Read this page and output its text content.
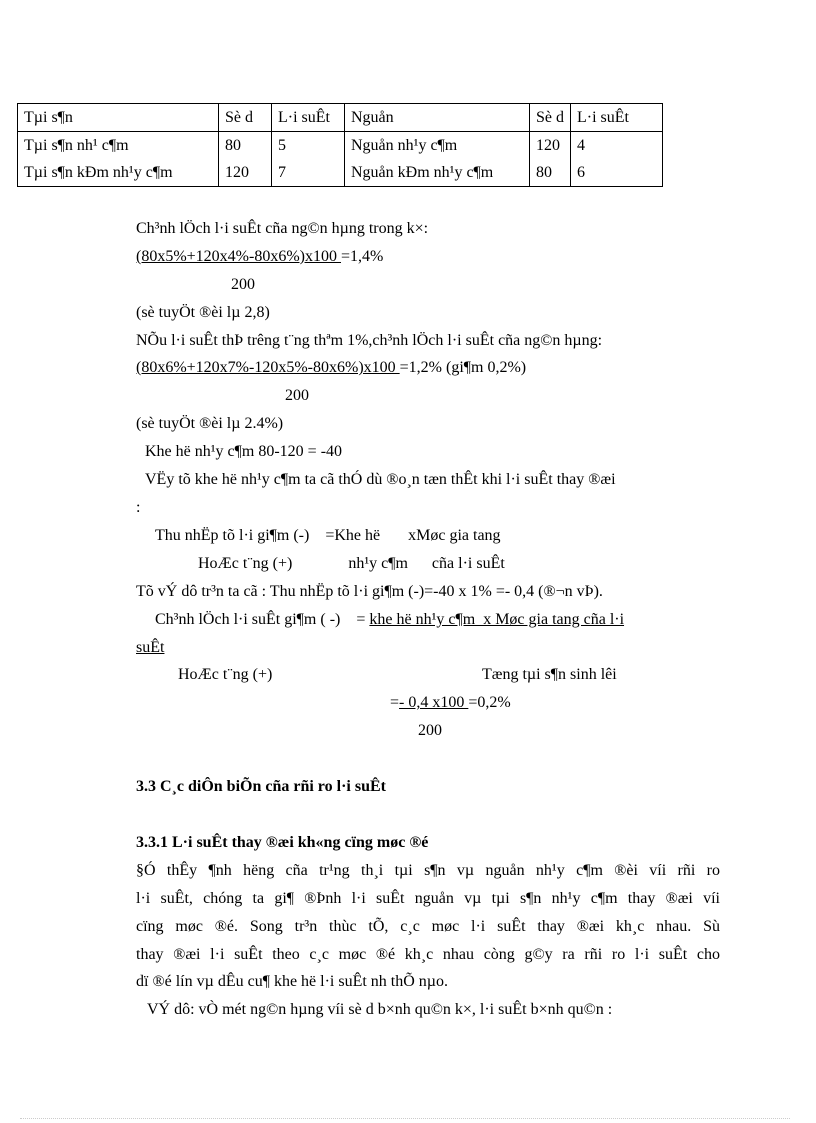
Tµi s¶n	Sè d	L·i suÊt	Nguån	Sè d	L·i suÊt
Tµi s¶n nh¹ c¶m	80	5	Nguån nh¹y c¶m	120	4
Tµi s¶n kÐm nh¹y c¶m	120	7	Nguån kÐm nh¹y c¶m	80	6
Ch³nh lÖch l·i suÊt cña ng©n hµng trong k×:
(80x5%+120x4%-80x6%)x100 =1,4%
200
(sè tuyÖt ®èi lµ 2,8)
NÕu l·i suÊt thÞ trêng t¨ng thªm 1%,ch³nh lÖch l·i suÊt cña ng©n hµng:
(80x6%+120x7%-120x5%-80x6%)x100 =1,2% (gi¶m 0,2%)
200
(sè tuyÖt ®èi lµ 2.4%)
Khe hë nh¹y c¶m 80-120 = -40
VËy tõ khe hë nh¹y c¶m ta cã thÓ dù ®o¸n tæn thÊt khi l·i suÊt thay ®æi
:
Thu nhËp tõ l·i gi¶m (-)    =Khe hë       xMøc gia tang
HoÆc t¨ng (+)              nh¹y c¶m      cña l·i suÊt
Tõ vÝ dô tr³n ta cã : Thu nhËp tõ l·i gi¶m (-)=-40 x 1% =- 0,4 (®¬n vÞ).
Ch³nh lÖch l·i suÊt gi¶m ( -)    = khe hë nh¹y c¶m  x Møc gia tang cña l·i
suÊt
HoÆc t¨ng (+)	Tæng tµi s¶n sinh lêi
=- 0,4 x100 =0,2%
200
3.3 C¸c diÔn biÕn cña rñi ro l·i suÊt
3.3.1 L·i suÊt thay ®æi kh«ng cïng møc ®é
§Ó thÊy ¶nh hëng cña tr¹ng th¸i tµi s¶n vµ nguån nh¹y c¶m ®èi víi rñi ro
l·i suÊt, chóng ta gi¶ ®Þnh l·i suÊt nguån vµ tµi s¶n nh¹y c¶m thay ®æi víi
cïng møc ®é. Song tr³n thùc tÕ, c¸c møc l·i suÊt thay ®æi kh¸c nhau. Sù
thay ®æi l·i suÊt theo c¸c møc ®é kh¸c nhau còng g©y ra rñi ro l·i suÊt cho
dï ®é lín vµ dÊu cu¶ khe hë l·i suÊt nh thÕ nµo.
VÝ dô: vÒ mét ng©n hµng víi sè d b×nh qu©n k×, l·i suÊt b×nh qu©n :
